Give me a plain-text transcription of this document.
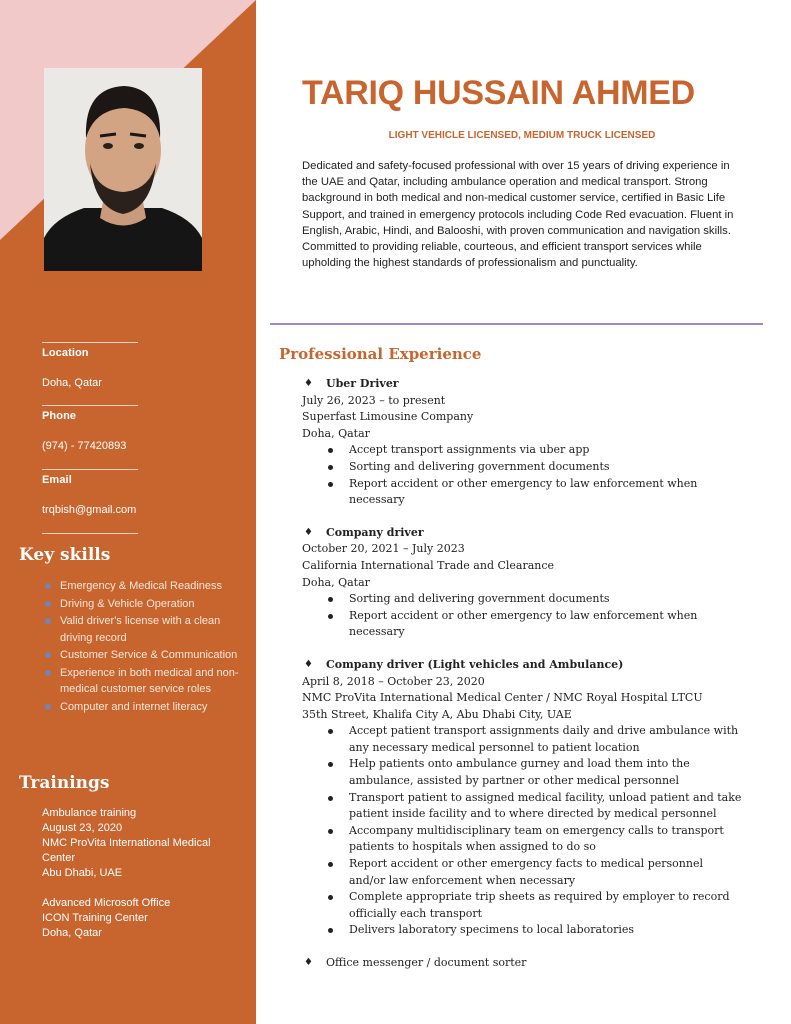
Location
Doha, Qatar
Phone
(974) - 77420893
Email
trqbish@gmail.com
Key skills
Emergency & Medical Readiness
Driving & Vehicle Operation
Valid driver's license with a clean driving record
Customer Service & Communication
Experience in both medical and non-medical customer service roles
Computer and internet literacy
Trainings
Ambulance training
August 23, 2020
NMC ProVita International Medical Center
Abu Dhabi, UAE
Advanced Microsoft Office
ICON Training Center
Doha, Qatar
TARIQ HUSSAIN AHMED
LIGHT VEHICLE LICENSED, MEDIUM TRUCK LICENSED
Dedicated and safety-focused professional with over 15 years of driving experience in the UAE and Qatar, including ambulance operation and medical transport. Strong background in both medical and non-medical customer service, certified in Basic Life Support, and trained in emergency protocols including Code Red evacuation. Fluent in English, Arabic, Hindi, and Balooshi, with proven communication and navigation skills. Committed to providing reliable, courteous, and efficient transport services while upholding the highest standards of professionalism and punctuality.
Professional Experience
♦ Uber Driver
July 26, 2023 – to present
Superfast Limousine Company
Doha, Qatar
Accept transport assignments via uber app
Sorting and delivering government documents
Report accident or other emergency to law enforcement when necessary
♦ Company driver
October 20, 2021 – July 2023
California International Trade and Clearance
Doha, Qatar
Sorting and delivering government documents
Report accident or other emergency to law enforcement when necessary
♦ Company driver (Light vehicles and Ambulance)
April 8, 2018 – October 23, 2020
NMC ProVita International Medical Center / NMC Royal Hospital LTCU
35th Street, Khalifa City A, Abu Dhabi City, UAE
Accept patient transport assignments daily and drive ambulance with any necessary medical personnel to patient location
Help patients onto ambulance gurney and load them into the ambulance, assisted by partner or other medical personnel
Transport patient to assigned medical facility, unload patient and take patient inside facility and to where directed by medical personnel
Accompany multidisciplinary team on emergency calls to transport patients to hospitals when assigned to do so
Report accident or other emergency facts to medical personnel and/or law enforcement when necessary
Complete appropriate trip sheets as required by employer to record officially each transport
Delivers laboratory specimens to local laboratories
♦ Office messenger / document sorter
